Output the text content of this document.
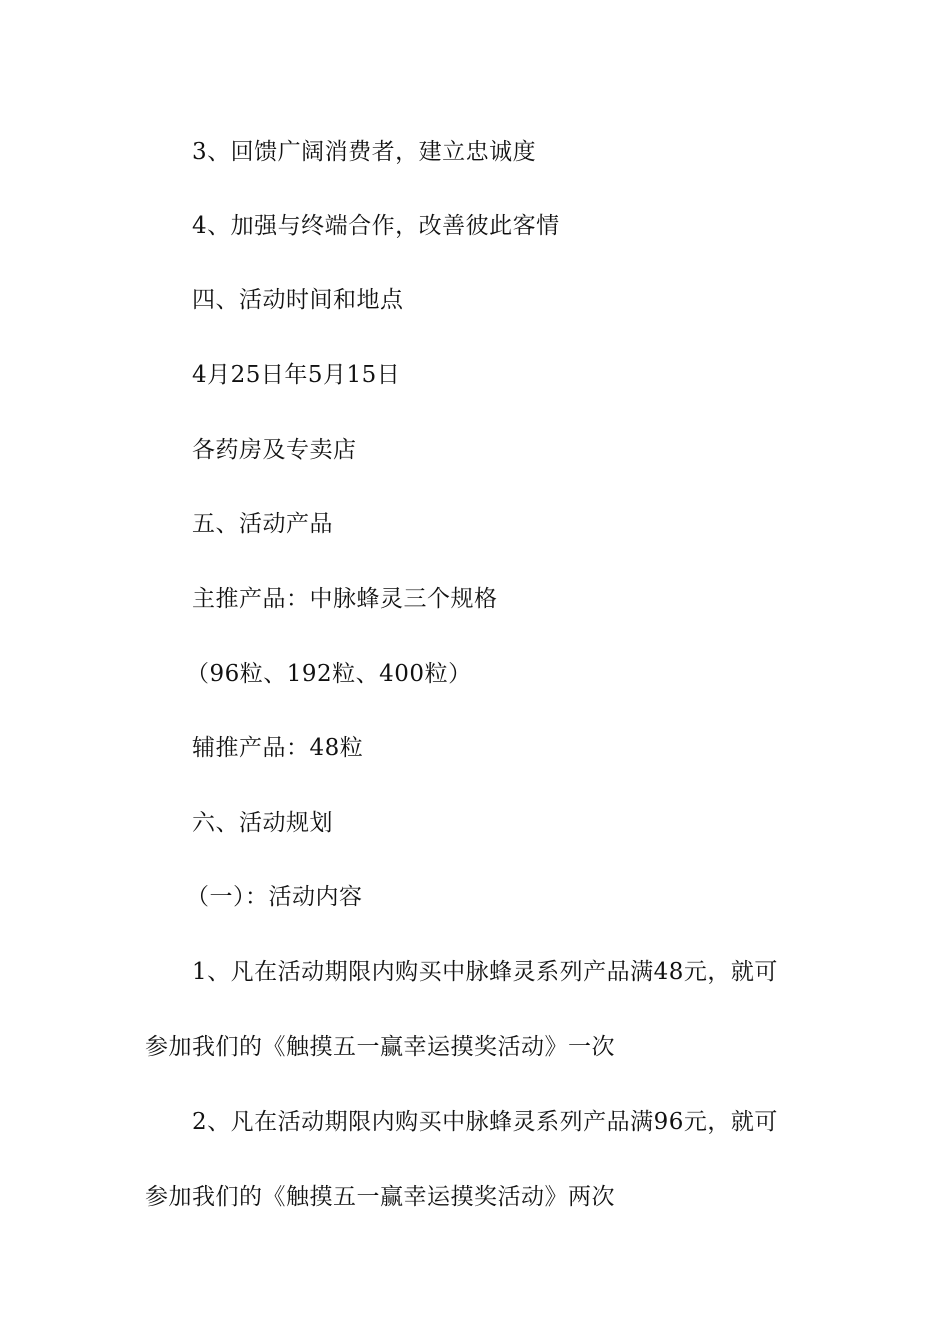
3、回馈广阔消费者，建立忠诚度
4、加强与终端合作，改善彼此客情
四、活动时间和地点
4月25日年5月15日
各药房及专卖店
五、活动产品
主推产品：中脉蜂灵三个规格
（96粒、192粒、400粒）
辅推产品：48粒
六、活动规划
（一）：活动内容
1、凡在活动期限内购买中脉蜂灵系列产品满48元，就可
参加我们的《触摸五一赢幸运摸奖活动》一次
2、凡在活动期限内购买中脉蜂灵系列产品满96元，就可
参加我们的《触摸五一赢幸运摸奖活动》两次
